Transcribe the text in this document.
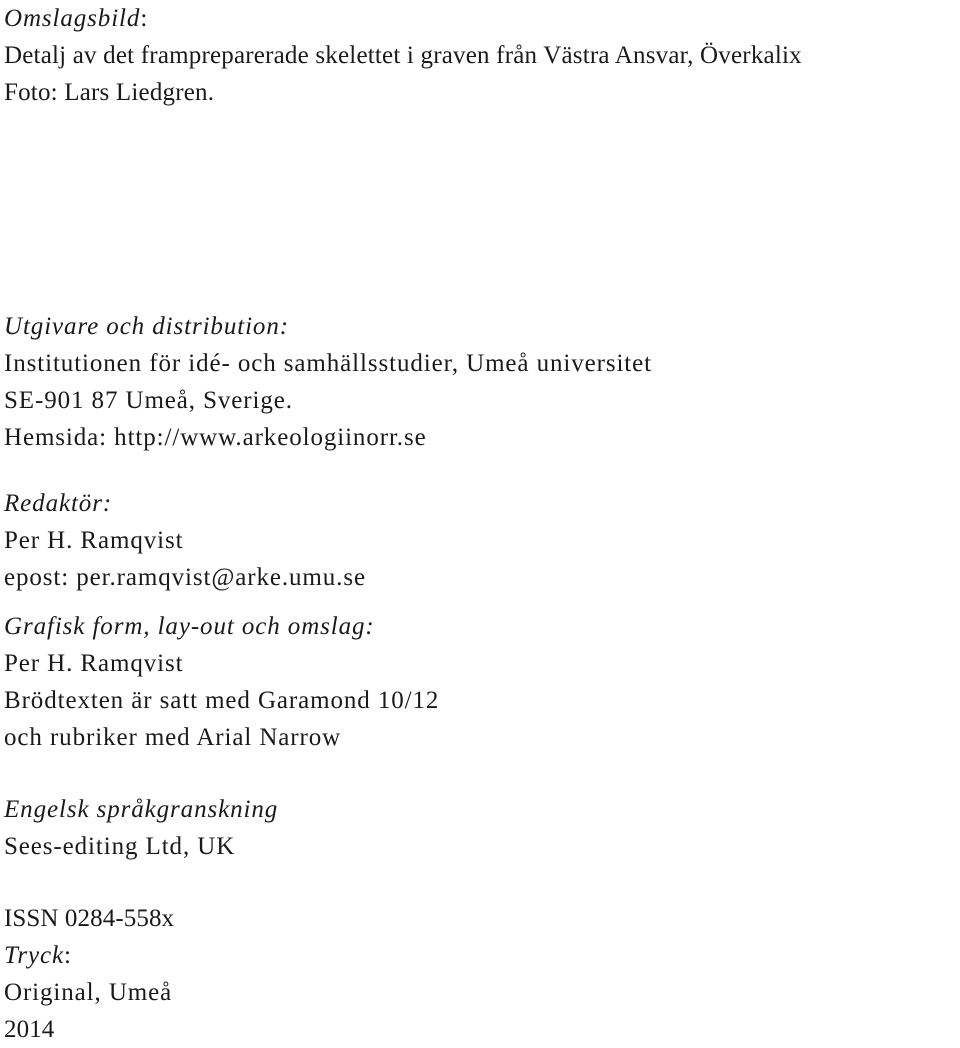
Omslagsbild:
Detalj av det frampreparerade skelettet i graven från Västra Ansvar, Överkalix
Foto: Lars Liedgren.
Utgivare och distribution:
Institutionen för idé- och samhällsstudier, Umeå universitet
SE-901 87 Umeå, Sverige.
Hemsida: http://www.arkeologiinorr.se
Redaktör:
Per H. Ramqvist
epost: per.ramqvist@arke.umu.se
Grafisk form, lay-out och omslag:
Per H. Ramqvist
Brödtexten är satt med Garamond 10/12
och rubriker med Arial Narrow
Engelsk språkgranskning
Sees-editing Ltd, UK
ISSN 0284-558x
Tryck:
Original, Umeå
2014
